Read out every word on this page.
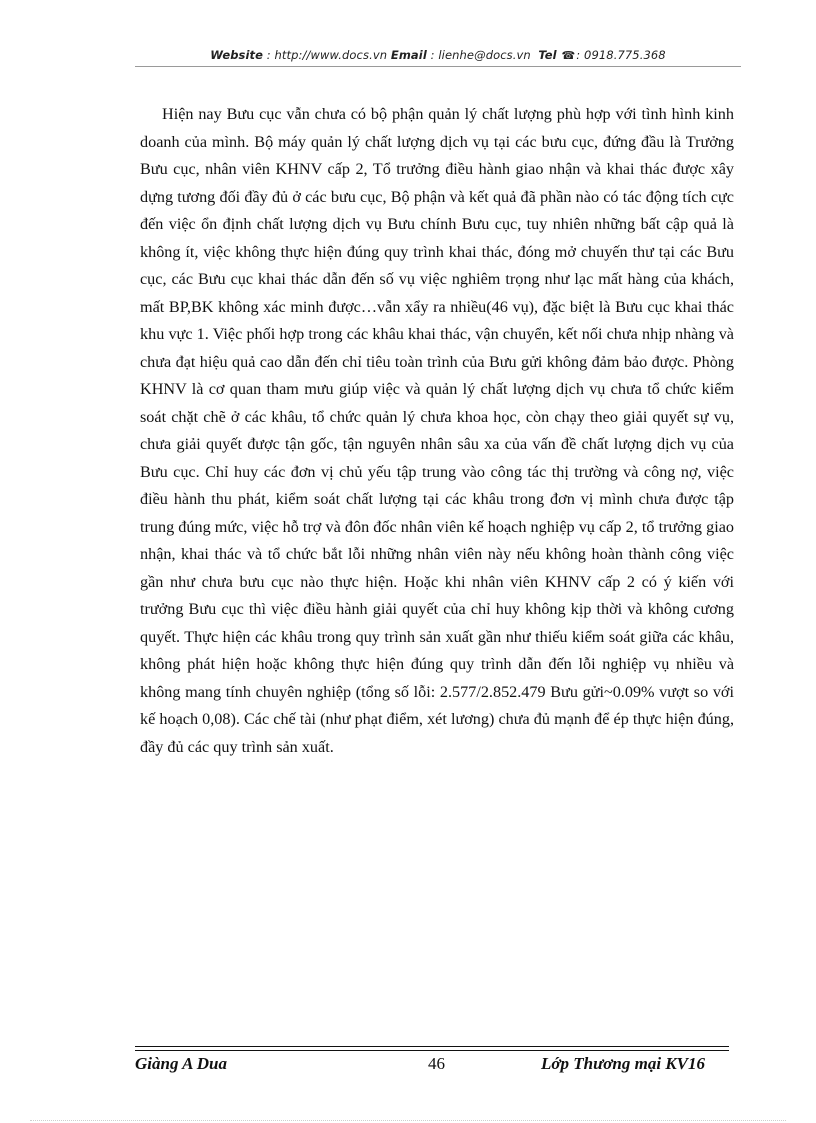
Website : http://www.docs.vn Email : lienhe@docs.vn Tel ☎: 0918.775.368

Hiện nay Bưu cục vẫn chưa có bộ phận quản lý chất lượng phù hợp với tình hình kinh doanh của mình. Bộ máy quản lý chất lượng dịch vụ tại các bưu cục, đứng đầu là Trưởng Bưu cục, nhân viên KHNV cấp 2, Tổ trưởng điều hành giao nhận và khai thác được xây dựng tương đối đầy đủ ở các bưu cục, Bộ phận và kết quả đã phần nào có tác động tích cực đến việc ổn định chất lượng dịch vụ Bưu chính Bưu cục, tuy nhiên những bất cập quả là không ít, việc không thực hiện đúng quy trình khai thác, đóng mở chuyến thư tại các Bưu cục, các Bưu cục khai thác dẫn đến số vụ việc nghiêm trọng như lạc mất hàng của khách, mất BP,BK không xác minh được…vẫn xẩy ra nhiều(46 vụ), đặc biệt là Bưu cục khai thác khu vực 1. Việc phối hợp trong các khâu khai thác, vận chuyển, kết nối chưa nhịp nhàng và chưa đạt hiệu quả cao dẫn đến chỉ tiêu toàn trình của Bưu gửi không đảm bảo được. Phòng KHNV là cơ quan tham mưu giúp việc và quản lý chất lượng dịch vụ chưa tổ chức kiểm soát chặt chẽ ở các khâu, tổ chức quản lý chưa khoa học, còn chạy theo giải quyết sự vụ, chưa giải quyết được tận gốc, tận nguyên nhân sâu xa của vấn đề chất lượng dịch vụ của Bưu cục. Chỉ huy các đơn vị chủ yếu tập trung vào công tác thị trường và công nợ, việc điều hành thu phát, kiểm soát chất lượng tại các khâu trong đơn vị mình chưa được tập trung đúng mức, việc hỗ trợ và đôn đốc nhân viên kế hoạch nghiệp vụ cấp 2, tổ trưởng giao nhận, khai thác và tổ chức bắt lỗi những nhân viên này nếu không hoàn thành công việc gần như chưa bưu cục nào thực hiện. Hoặc khi nhân viên KHNV cấp 2 có ý kiến với trưởng Bưu cục thì việc điều hành giải quyết của chỉ huy không kịp thời và không cương quyết. Thực hiện các khâu trong quy trình sản xuất gần như thiếu kiểm soát giữa các khâu, không phát hiện hoặc không thực hiện đúng quy trình dẫn đến lỗi nghiệp vụ nhiều và không mang tính chuyên nghiệp (tổng số lỗi: 2.577/2.852.479 Bưu gửi~0.09% vượt so với kế hoạch 0,08). Các chế tài (như phạt điểm, xét lương) chưa đủ mạnh để ép thực hiện đúng, đầy đủ các quy trình sản xuất.

Giàng A Dua	46	Lớp Thương mại KV16
